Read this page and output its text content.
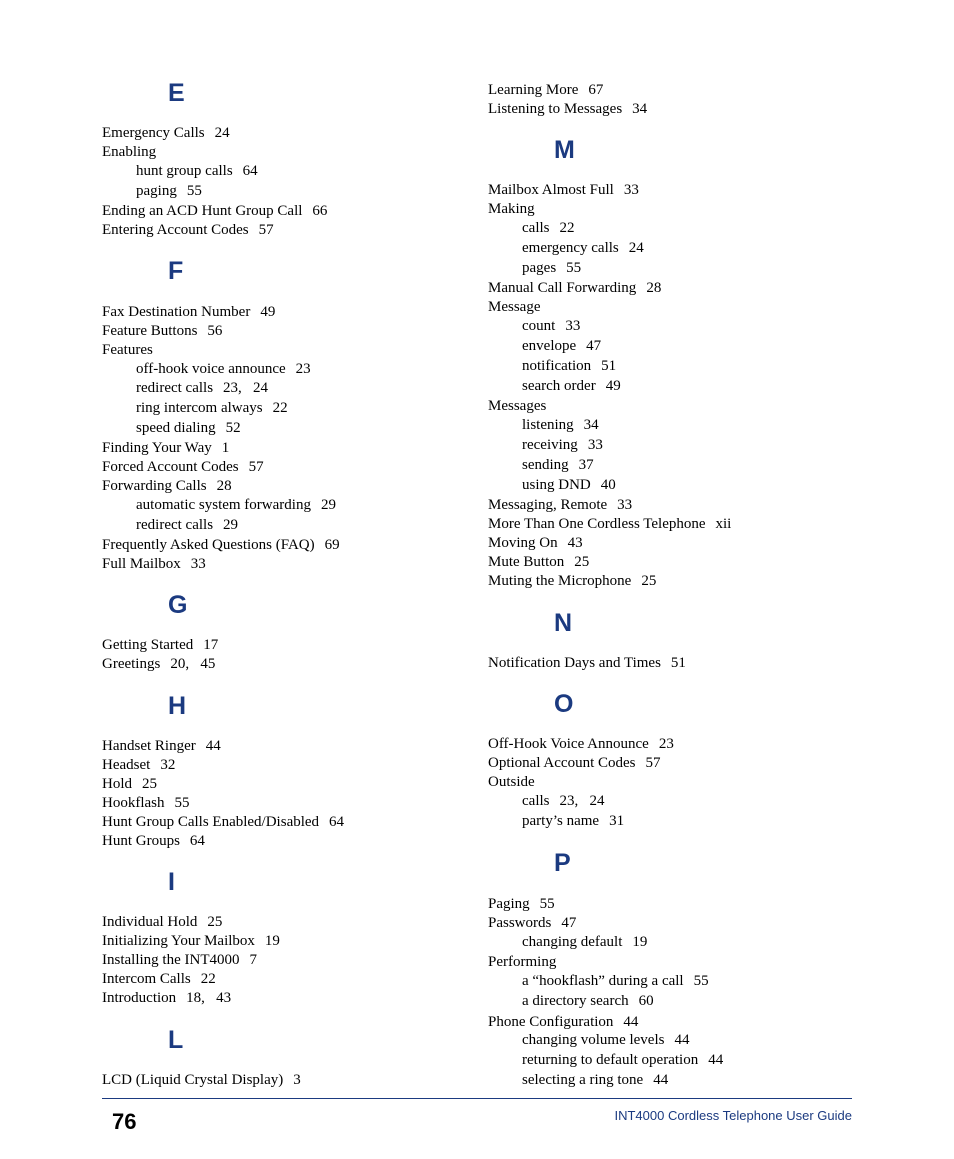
E
Emergency Calls 24
Enabling
hunt group calls 64
paging 55
Ending an ACD Hunt Group Call 66
Entering Account Codes 57
F
Fax Destination Number 49
Feature Buttons 56
Features
off-hook voice announce 23
redirect calls 23,   24
ring intercom always 22
speed dialing 52
Finding Your Way 1
Forced Account Codes 57
Forwarding Calls 28
automatic system forwarding 29
redirect calls 29
Frequently Asked Questions (FAQ) 69
Full Mailbox 33
G
Getting Started 17
Greetings 20,   45
H
Handset Ringer 44
Headset 32
Hold 25
Hookflash 55
Hunt Group Calls Enabled/Disabled 64
Hunt Groups 64
I
Individual Hold 25
Initializing Your Mailbox 19
Installing the INT4000 7
Intercom Calls 22
Introduction 18,   43
L
LCD (Liquid Crystal Display) 3
Learning More 67
Listening to Messages 34
M
Mailbox Almost Full 33
Making
calls 22
emergency calls 24
pages 55
Manual Call Forwarding 28
Message
count 33
envelope 47
notification 51
search order 49
Messages
listening 34
receiving 33
sending 37
using DND 40
Messaging, Remote 33
More Than One Cordless Telephone xii
Moving On 43
Mute Button 25
Muting the Microphone 25
N
Notification Days and Times 51
O
Off-Hook Voice Announce 23
Optional Account Codes 57
Outside
calls 23,   24
party’s name 31
P
Paging 55
Passwords 47
changing default 19
Performing
a “hookflash” during a call 55
a directory search 60
Phone Configuration 44
changing volume levels 44
returning to default operation 44
selecting a ring tone 44
76	INT4000 Cordless Telephone User Guide
